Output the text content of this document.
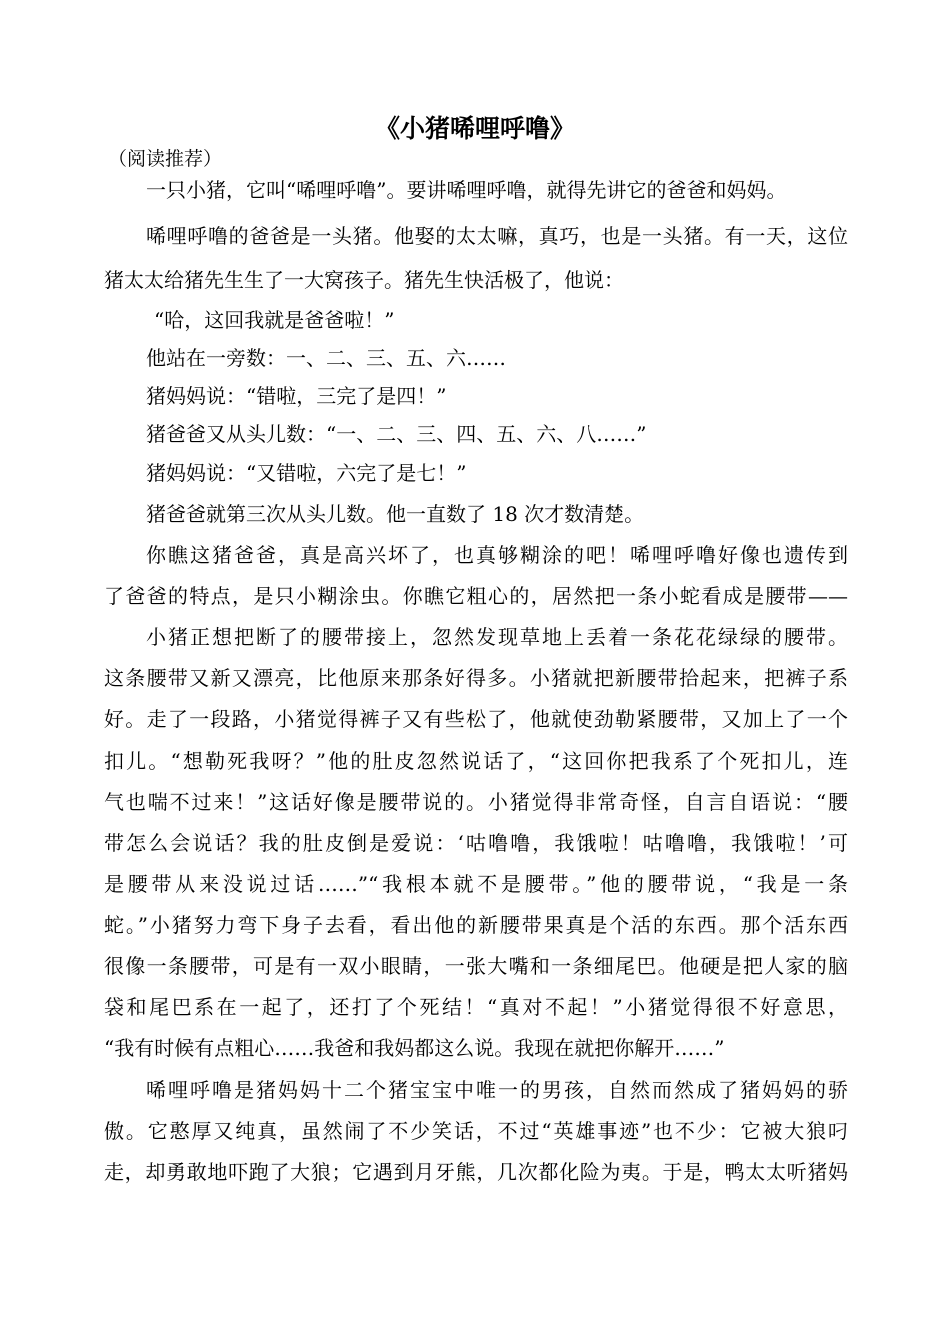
《小猪唏哩呼噜》
（阅读推荐）
一只小猪，它叫“唏哩呼噜”。要讲唏哩呼噜，就得先讲它的爸爸和妈妈。
唏哩呼噜的爸爸是一头猪。他娶的太太嘛，真巧，也是一头猪。有一天，这位
猪太太给猪先生生了一大窝孩子。猪先生快活极了，他说：
“哈，这回我就是爸爸啦！”
他站在一旁数：一、二、三、五、六……
猪妈妈说：“错啦，三完了是四！”
猪爸爸又从头儿数：“一、二、三、四、五、六、八……”
猪妈妈说：“又错啦，六完了是七！”
猪爸爸就第三次从头儿数。他一直数了 18 次才数清楚。
你瞧这猪爸爸，真是高兴坏了，也真够糊涂的吧！唏哩呼噜好像也遗传到
了爸爸的特点，是只小糊涂虫。你瞧它粗心的，居然把一条小蛇看成是腰带——
小猪正想把断了的腰带接上，忽然发现草地上丢着一条花花绿绿的腰带。
这条腰带又新又漂亮，比他原来那条好得多。小猪就把新腰带拾起来，把裤子系
好。走了一段路，小猪觉得裤子又有些松了，他就使劲勒紧腰带，又加上了一个
扣儿。“想勒死我呀？”他的肚皮忽然说话了，“这回你把我系了个死扣儿，连
气也喘不过来！”这话好像是腰带说的。小猪觉得非常奇怪，自言自语说：“腰
带怎么会说话？我的肚皮倒是爱说：‘咕噜噜，我饿啦！咕噜噜，我饿啦！’可
是腰带从来没说过话……”“我根本就不是腰带。”他的腰带说，“我是一条
蛇。”小猪努力弯下身子去看，看出他的新腰带果真是个活的东西。那个活东西
很像一条腰带，可是有一双小眼睛，一张大嘴和一条细尾巴。他硬是把人家的脑
袋和尾巴系在一起了，还打了个死结！“真对不起！”小猪觉得很不好意思，
“我有时候有点粗心……我爸和我妈都这么说。我现在就把你解开……”
唏哩呼噜是猪妈妈十二个猪宝宝中唯一的男孩，自然而然成了猪妈妈的骄
傲。它憨厚又纯真，虽然闹了不少笑话，不过“英雄事迹”也不少：它被大狼叼
走，却勇敢地吓跑了大狼；它遇到月牙熊，几次都化险为夷。于是，鸭太太听猪妈
